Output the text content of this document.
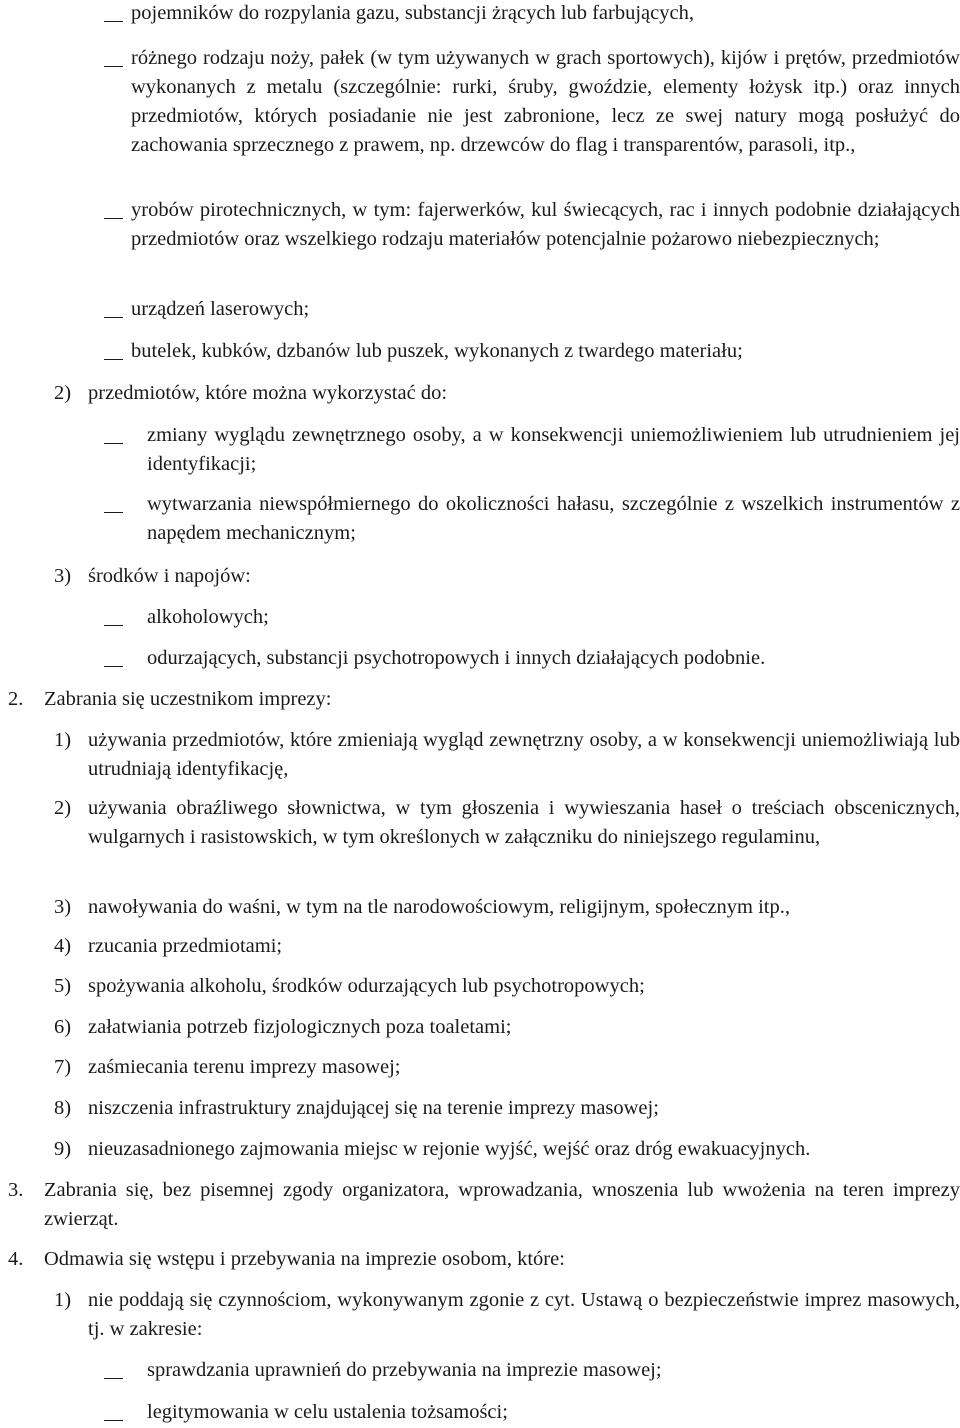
pojemników do rozpylania gazu, substancji żrących lub farbujących,
różnego rodzaju noży, pałek (w tym używanych w grach sportowych), kijów i prętów, przedmiotów wykonanych z metalu (szczególnie: rurki, śruby, gwoździe, elementy łożysk itp.) oraz innych przedmiotów, których posiadanie nie jest zabronione, lecz ze swej natury mogą posłużyć do zachowania sprzecznego z prawem, np. drzewców do flag i transparentów, parasoli, itp.,
yrobów pirotechnicznych, w tym: fajerwerków, kul świecących, rac i innych podobnie działających przedmiotów oraz wszelkiego rodzaju materiałów potencjalnie pożarowo niebezpiecznych;
urządzeń laserowych;
butelek, kubków, dzbanów lub puszek, wykonanych z twardego materiału;
2) przedmiotów, które można wykorzystać do:
zmiany wyglądu zewnętrznego osoby, a w konsekwencji uniemożliwieniem lub utrudnieniem jej identyfikacji;
wytwarzania niewspółmiernego do okoliczności hałasu, szczególnie z wszelkich instrumentów z napędem mechanicznym;
3) środków i napojów:
alkoholowych;
odurzających, substancji psychotropowych i innych działających podobnie.
2.	Zabrania się uczestnikom imprezy:
1) używania przedmiotów, które zmieniają wygląd zewnętrzny osoby, a w konsekwencji uniemożliwiają lub utrudniają identyfikację,
2) używania obraźliwego słownictwa, w tym głoszenia i wywieszania haseł o treściach obscenicznych, wulgarnych i rasistowskich, w tym określonych w załączniku do niniejszego regulaminu,
3) nawoływania do waśni, w tym na tle narodowościowym, religijnym, społecznym itp.,
4) rzucania przedmiotami;
5) spożywania alkoholu, środków odurzających lub psychotropowych;
6) załatwiania potrzeb fizjologicznych poza toaletami;
7) zaśmiecania terenu imprezy masowej;
8) niszczenia infrastruktury znajdującej się na terenie imprezy masowej;
9) nieuzasadnionego zajmowania miejsc w rejonie wyjść, wejść oraz dróg ewakuacyjnych.
3.	Zabrania się, bez pisemnej zgody organizatora, wprowadzania, wnoszenia lub wwożenia na teren imprezy zwierząt.
4.	Odmawia się wstępu i przebywania na imprezie osobom, które:
1) nie poddają się czynnościom, wykonywanym zgonie z cyt. Ustawą o bezpieczeństwie imprez masowych, tj. w zakresie:
sprawdzania uprawnień do przebywania na imprezie masowej;
legitymowania w celu ustalenia tożsamości;
